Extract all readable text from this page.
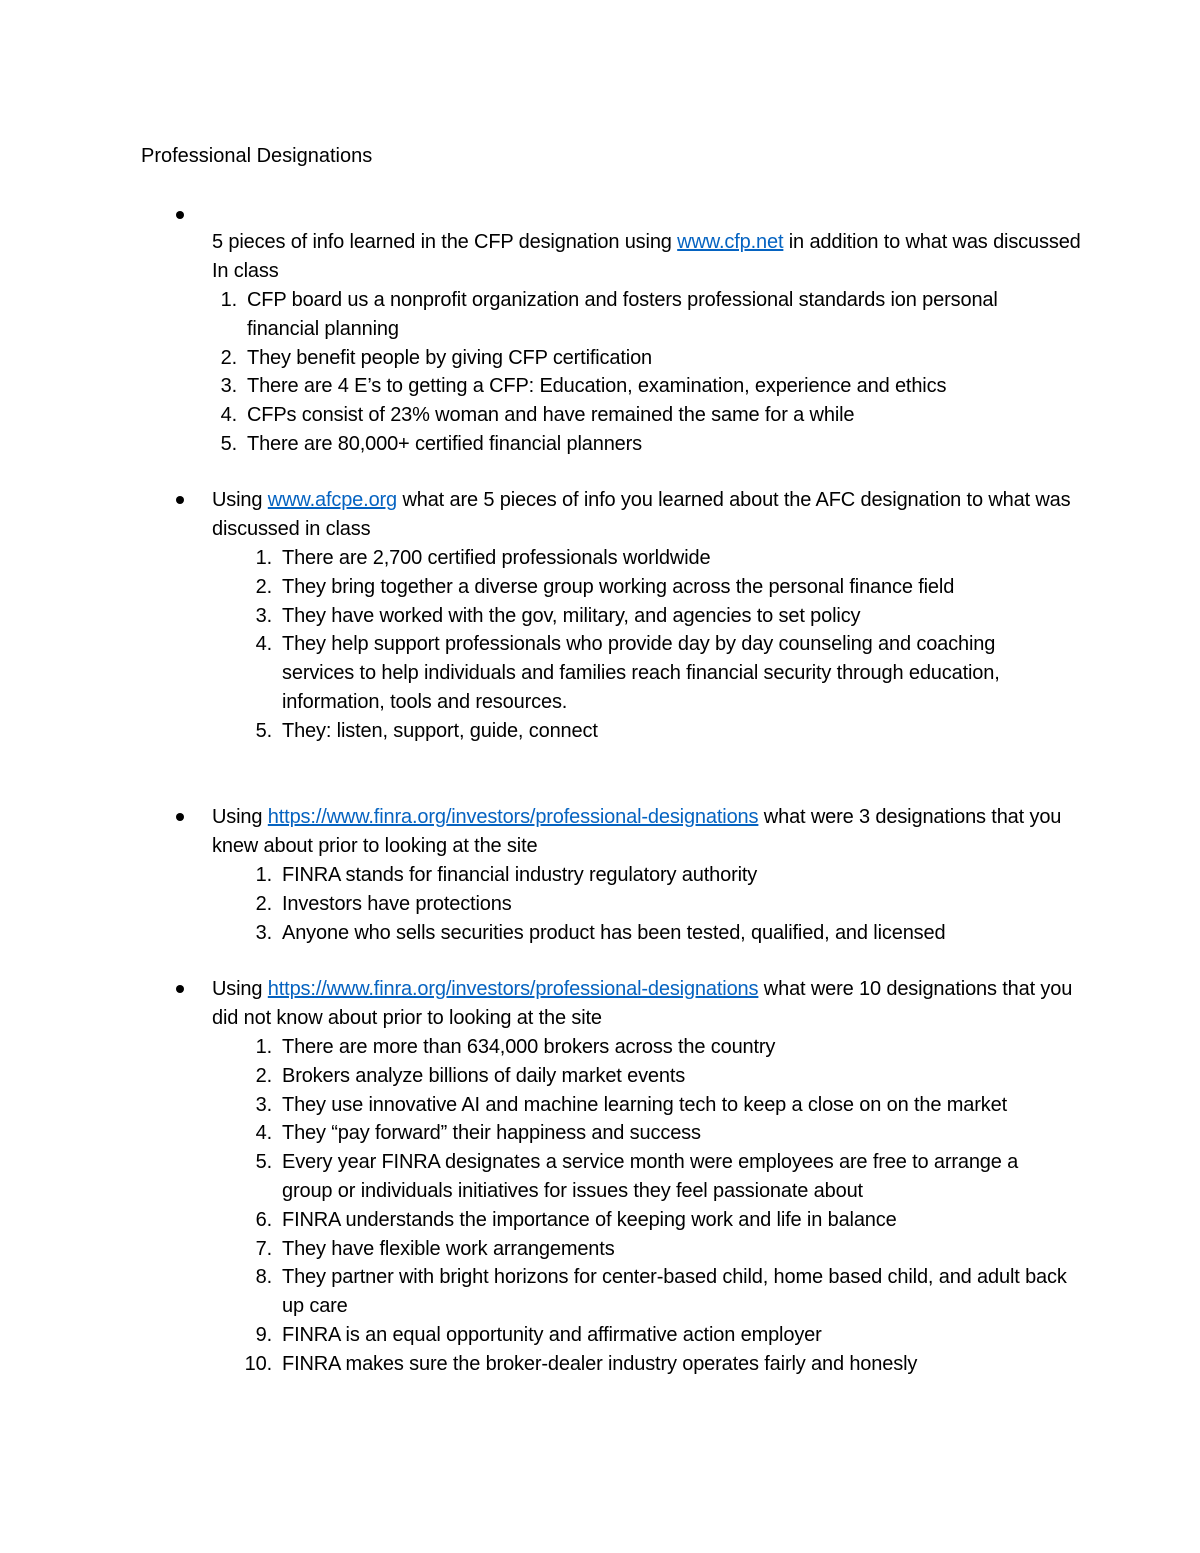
Professional Designations
5 pieces of info learned in the CFP designation using www.cfp.net in addition to what was discussed In class
1. CFP board us a nonprofit organization and fosters professional standards ion personal financial planning
2. They benefit people by giving CFP certification
3. There are 4 E’s to getting a CFP: Education, examination, experience and ethics
4. CFPs consist of 23% woman and have remained the same for a while
5. There are 80,000+ certified financial planners
Using www.afcpe.org what are 5 pieces of info you learned about the AFC designation to what was discussed in class
1. There are 2,700 certified professionals worldwide
2. They bring together a diverse group working across the personal finance field
3. They have worked with the gov, military, and agencies to set policy
4. They help support professionals who provide day by day counseling and coaching services to help individuals and families reach financial security through education, information, tools and resources.
5. They: listen, support, guide, connect
Using https://www.finra.org/investors/professional-designations what were 3 designations that you knew about prior to looking at the site
1. FINRA stands for financial industry regulatory authority
2. Investors have protections
3. Anyone who sells securities product has been tested, qualified, and licensed
Using https://www.finra.org/investors/professional-designations what were 10 designations that you did not know about prior to looking at the site
1. There are more than 634,000 brokers across the country
2. Brokers analyze billions of daily market events
3. They use innovative AI and machine learning tech to keep a close on on the market
4. They “pay forward” their happiness and success
5. Every year FINRA designates a service month were employees are free to arrange a group or individuals initiatives for issues they feel passionate about
6. FINRA understands the importance of keeping work and life in balance
7. They have flexible work arrangements
8. They partner with bright horizons for center-based child, home based child, and adult back up care
9. FINRA is an equal opportunity and affirmative action employer
10. FINRA makes sure the broker-dealer industry operates fairly and honesly
